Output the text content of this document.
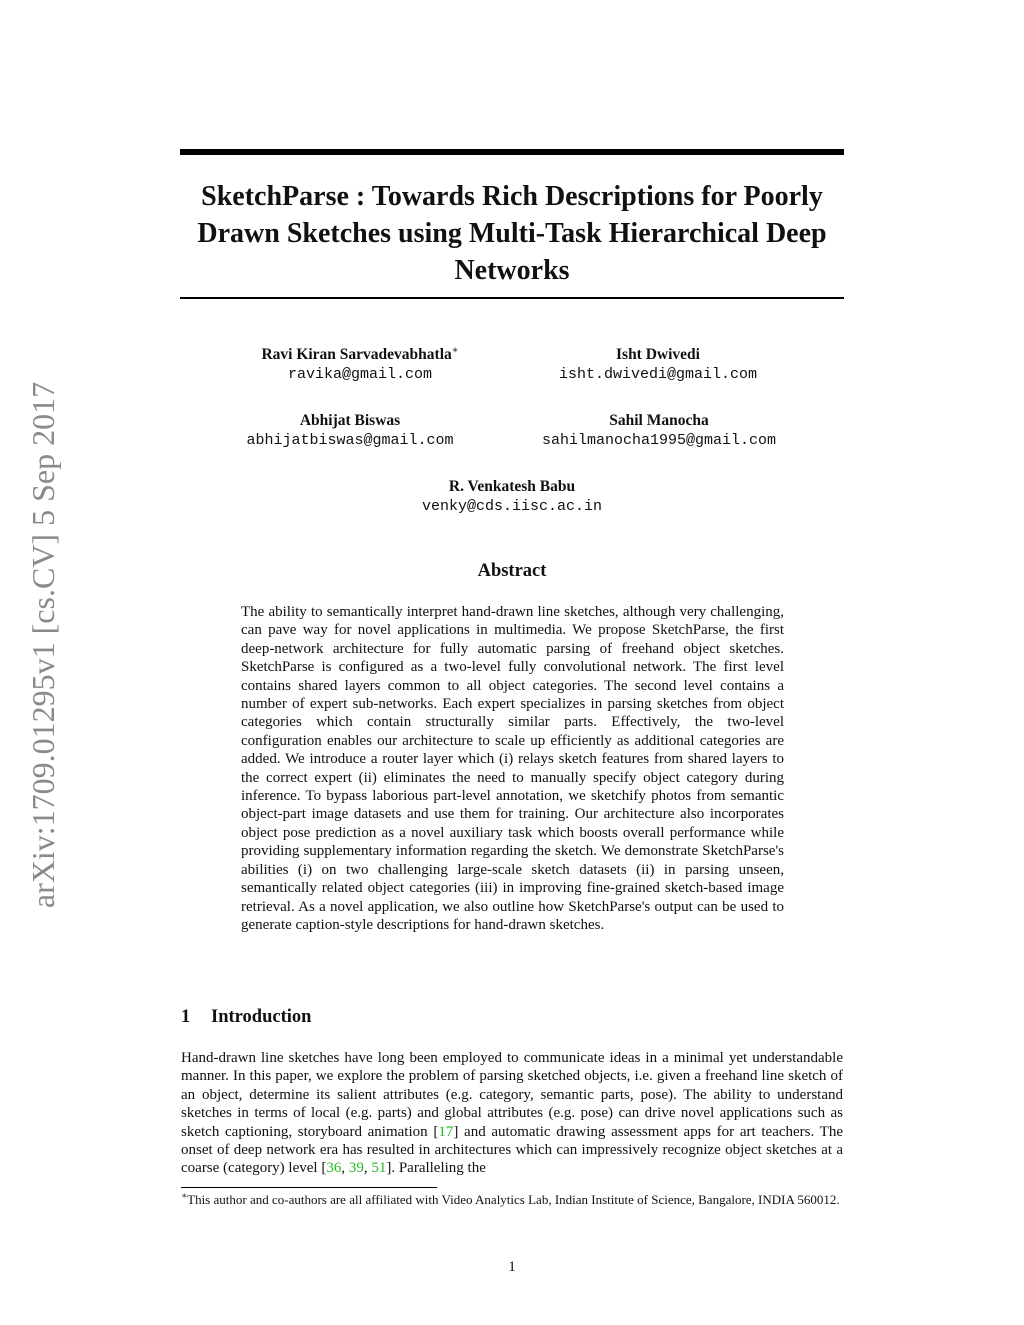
arXiv:1709.01295v1 [cs.CV] 5 Sep 2017
SketchParse : Towards Rich Descriptions for Poorly Drawn Sketches using Multi-Task Hierarchical Deep Networks
Ravi Kiran Sarvadevabhatla∗
ravika@gmail.com
Isht Dwivedi
isht.dwivedi@gmail.com
Abhijat Biswas
abhijatbiswas@gmail.com
Sahil Manocha
sahilmanocha1995@gmail.com
R. Venkatesh Babu
venky@cds.iisc.ac.in
Abstract

The ability to semantically interpret hand-drawn line sketches, although very challenging, can pave way for novel applications in multimedia. We propose SketchParse, the first deep-network architecture for fully automatic parsing of freehand object sketches. SketchParse is configured as a two-level fully convolutional network. The first level contains shared layers common to all object categories. The second level contains a number of expert sub-networks. Each expert specializes in parsing sketches from object categories which contain structurally similar parts. Effectively, the two-level configuration enables our architecture to scale up efficiently as additional categories are added. We introduce a router layer which (i) relays sketch features from shared layers to the correct expert (ii) eliminates the need to manually specify object category during inference. To bypass laborious part-level annotation, we sketchify photos from semantic object-part image datasets and use them for training. Our architecture also incorporates object pose prediction as a novel auxiliary task which boosts overall performance while providing supplementary information regarding the sketch. We demonstrate SketchParse's abilities (i) on two challenging large-scale sketch datasets (ii) in parsing unseen, semantically related object categories (iii) in improving fine-grained sketch-based image retrieval. As a novel application, we also outline how SketchParse's output can be used to generate caption-style descriptions for hand-drawn sketches.

1 Introduction

Hand-drawn line sketches have long been employed to communicate ideas in a minimal yet understandable manner. In this paper, we explore the problem of parsing sketched objects, i.e. given a freehand line sketch of an object, determine its salient attributes (e.g. category, semantic parts, pose). The ability to understand sketches in terms of local (e.g. parts) and global attributes (e.g. pose) can drive novel applications such as sketch captioning, storyboard animation [17] and automatic drawing assessment apps for art teachers. The onset of deep network era has resulted in architectures which can impressively recognize object sketches at a coarse (category) level [36, 39, 51]. Paralleling the

∗This author and co-authors are all affiliated with Video Analytics Lab, Indian Institute of Science, Bangalore, INDIA 560012.

1
